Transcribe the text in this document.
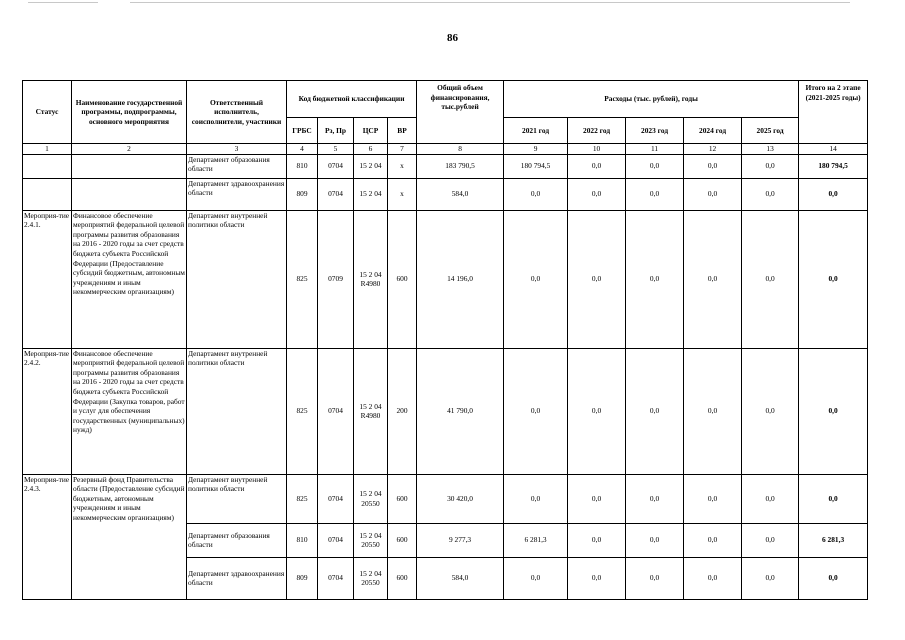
86
Статус	Наименование государственной программы, подпрограммы, основного мероприятия	Ответственный исполнитель, соисполнители, участники	Код бюджетной классификации				Общий объем финансирования, тыс.рублей	Расходы (тыс. рублей), годы					Итого на 2 этапе (2021-2025 годы)
			ГРБС	Рз, Пр	ЦСР	ВР		2021 год	2022 год	2023 год	2024 год	2025 год	
1	2	3	4	5	6	7	8	9	10	11	12	13	14
		Департамент образования области	810	0704	15 2 04	х	183 790,5	180 794,5	0,0	0,0	0,0	0,0	180 794,5
		Департамент здравоохранения области	809	0704	15 2 04	х	584,0	0,0	0,0	0,0	0,0	0,0	0,0
Мероприя-тие 2.4.1.	Финансовое обеспечение мероприятий федеральной целевой программы развития образования на 2016 - 2020 годы за счет средств бюджета субъекта Российской Федерации (Предоставление субсидий бюджетным, автономным учреждениям и иным некоммерческим организациям)	Департамент внутренней политики области	825	0709	15 2 04 R4980	600	14 196,0	0,0	0,0	0,0	0,0	0,0	0,0
Мероприя-тие 2.4.2.	Финансовое обеспечение мероприятий федеральной целевой программы развития образования на 2016 - 2020 годы за счет средств бюджета субъекта Российской Федерации (Закупка товаров, работ и услуг для обеспечения государственных (муниципальных) нужд)	Департамент внутренней политики области	825	0704	15 2 04 R4980	200	41 790,0	0,0	0,0	0,0	0,0	0,0	0,0
Мероприя-тие 2.4.3.	Резервный фонд Правительства области (Предоставление субсидий бюджетным, автономным учреждениям и иным некоммерческим организациям)	Департамент внутренней политики области	825	0704	15 2 04 20550	600	30 420,0	0,0	0,0	0,0	0,0	0,0	0,0
		Департамент образования области	810	0704	15 2 04 20550	600	9 277,3	6 281,3	0,0	0,0	0,0	0,0	6 281,3
		Департамент здравоохранения области	809	0704	15 2 04 20550	600	584,0	0,0	0,0	0,0	0,0	0,0	0,0
